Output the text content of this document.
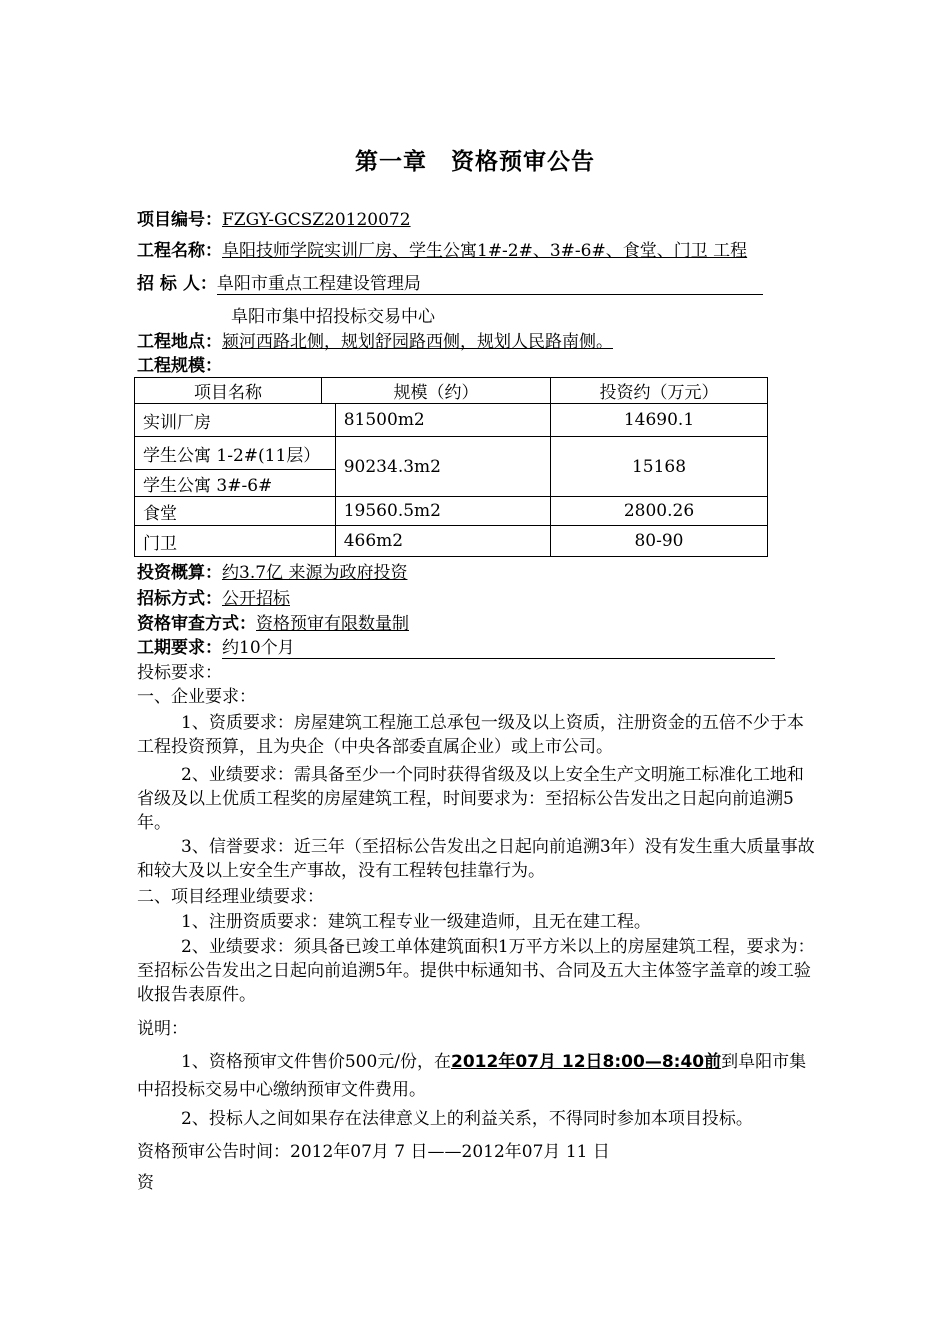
第一章　资格预审公告
项目编号：FZGY-GCSZ20120072
工程名称：阜阳技师学院实训厂房、学生公寓1#-2#、3#-6#、食堂、门卫 工程
招 标 人：阜阳市重点工程建设管理局
阜阳市集中招投标交易中心
工程地点：颍河西路北侧，规划舒园路西侧，规划人民路南侧。
工程规模：
项目名称	规模（约）		投资约（万元）
实训厂房		81500m2	14690.1
学生公寓 1-2#(11层）		90234.3m2	15168
学生公寓 3#-6#			
食堂		19560.5m2	2800.26
门卫		466m2	80-90
投资概算：约3.7亿 来源为政府投资
招标方式：公开招标
资格审查方式：资格预审有限数量制
工期要求：约10个月
投标要求：
一、企业要求：
1、资质要求：房屋建筑工程施工总承包一级及以上资质，注册资金的五倍不少于本工程投资预算，且为央企（中央各部委直属企业）或上市公司。
2、业绩要求：需具备至少一个同时获得省级及以上安全生产文明施工标准化工地和省级及以上优质工程奖的房屋建筑工程，时间要求为：至招标公告发出之日起向前追溯5年。
3、信誉要求：近三年（至招标公告发出之日起向前追溯3年）没有发生重大质量事故和较大及以上安全生产事故，没有工程转包挂靠行为。
二、项目经理业绩要求：
1、注册资质要求：建筑工程专业一级建造师，且无在建工程。
2、业绩要求：须具备已竣工单体建筑面积1万平方米以上的房屋建筑工程，要求为：至招标公告发出之日起向前追溯5年。提供中标通知书、合同及五大主体签字盖章的竣工验收报告表原件。
说明：
1、资格预审文件售价500元/份，在2012年07月 12日8:00—8:40前到阜阳市集中招投标交易中心缴纳预审文件费用。
2、投标人之间如果存在法律意义上的利益关系，不得同时参加本项目投标。
资格预审公告时间：2012年07月 7 日——2012年07月 11 日
资
